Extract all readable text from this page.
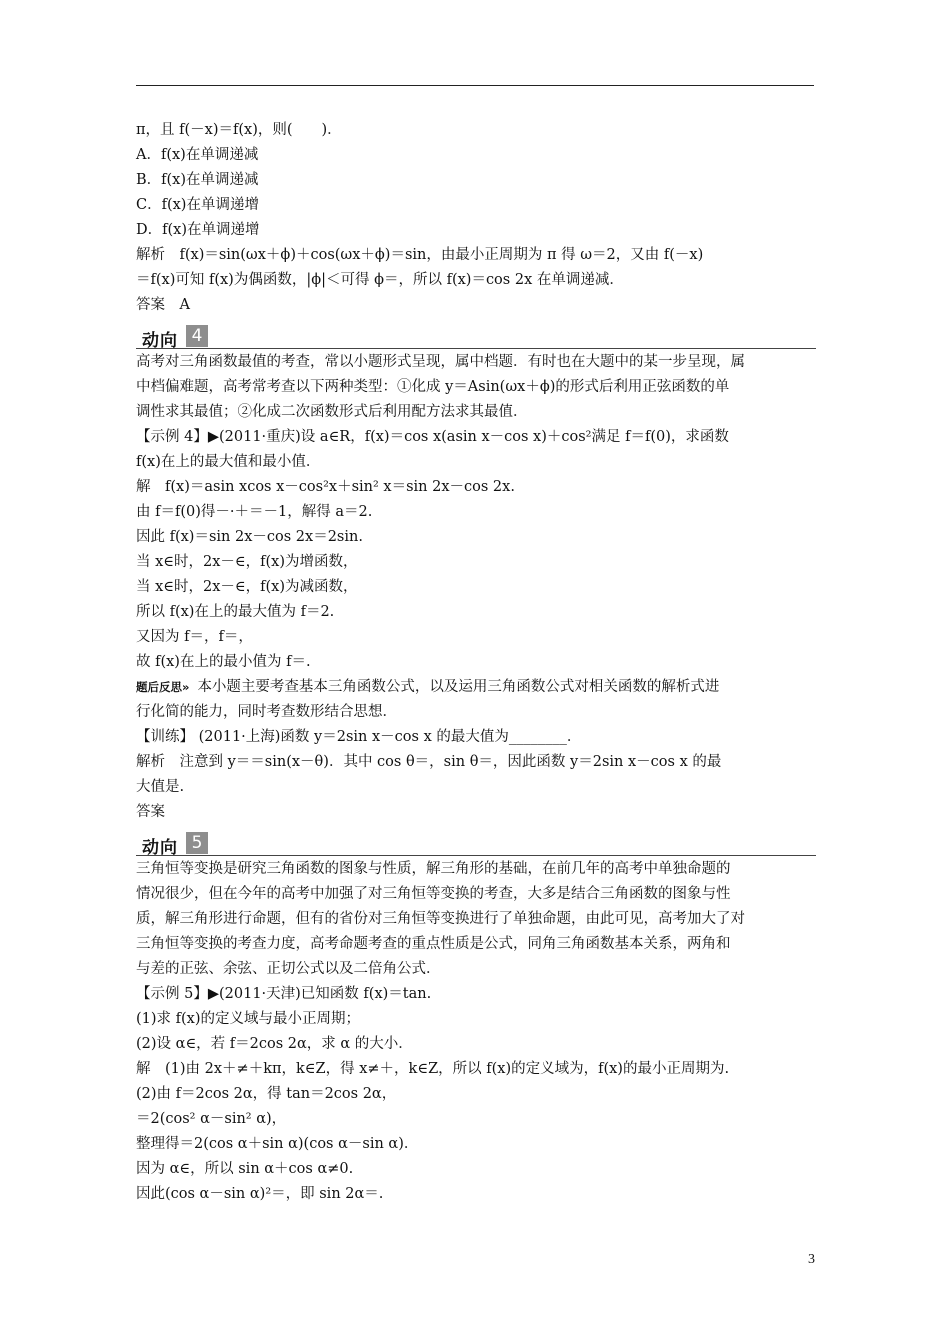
π，且 f(－x)＝f(x)，则(　　)．
A．f(x)在单调递减
B．f(x)在单调递减
C．f(x)在单调递增
D．f(x)在单调递增
解析　f(x)＝sin(ωx＋ϕ)＋cos(ωx＋ϕ)＝sin，由最小正周期为 π 得 ω＝2，又由 f(－x)
＝f(x)可知 f(x)为偶函数，|ϕ|＜可得 ϕ＝，所以 f(x)＝cos 2x 在单调递减．
答案　A
动向 4
高考对三角函数最值的考查，常以小题形式呈现，属中档题．有时也在大题中的某一步呈现，属
中档偏难题，高考常考查以下两种类型：①化成 y＝Asin(ωx＋ϕ)的形式后利用正弦函数的单
调性求其最值；②化成二次函数形式后利用配方法求其最值．
【示例 4】▶(2011·重庆)设 a∈R，f(x)＝cos x(asin x－cos x)＋cos²满足 f＝f(0)，求函数
f(x)在上的最大值和最小值．
解　f(x)＝asin xcos x－cos²x＋sin² x＝sin 2x－cos 2x.
由 f＝f(0)得－·＋＝－1，解得 a＝2.
因此 f(x)＝sin 2x－cos 2x＝2sin.
当 x∈时，2x－∈，f(x)为增函数，
当 x∈时，2x－∈，f(x)为减函数，
所以 f(x)在上的最大值为 f＝2.
又因为 f＝，f＝，
故 f(x)在上的最小值为 f＝.
题后反思» 本小题主要考查基本三角函数公式，以及运用三角函数公式对相关函数的解析式进
行化简的能力，同时考查数形结合思想．
【训练】 (2011·上海)函数 y＝2sin x－cos x 的最大值为________．
解析　注意到 y＝＝sin(x－θ)．其中 cos θ＝，sin θ＝，因此函数 y＝2sin x－cos x 的最
大值是.
答案
动向 5
三角恒等变换是研究三角函数的图象与性质，解三角形的基础，在前几年的高考中单独命题的
情况很少，但在今年的高考中加强了对三角恒等变换的考查，大多是结合三角函数的图象与性
质，解三角形进行命题，但有的省份对三角恒等变换进行了单独命题，由此可见，高考加大了对
三角恒等变换的考查力度，高考命题考查的重点性质是公式，同角三角函数基本关系，两角和
与差的正弦、余弦、正切公式以及二倍角公式．
【示例 5】▶(2011·天津)已知函数 f(x)＝tan.
(1)求 f(x)的定义域与最小正周期；
(2)设 α∈，若 f＝2cos 2α，求 α 的大小．
解　(1)由 2x＋≠＋kπ，k∈Z，得 x≠＋，k∈Z，所以 f(x)的定义域为，f(x)的最小正周期为.
(2)由 f＝2cos 2α，得 tan＝2cos 2α，
＝2(cos² α－sin² α)，
整理得＝2(cos α＋sin α)(cos α－sin α)．
因为 α∈，所以 sin α＋cos α≠0.
因此(cos α－sin α)²＝，即 sin 2α＝.
3
